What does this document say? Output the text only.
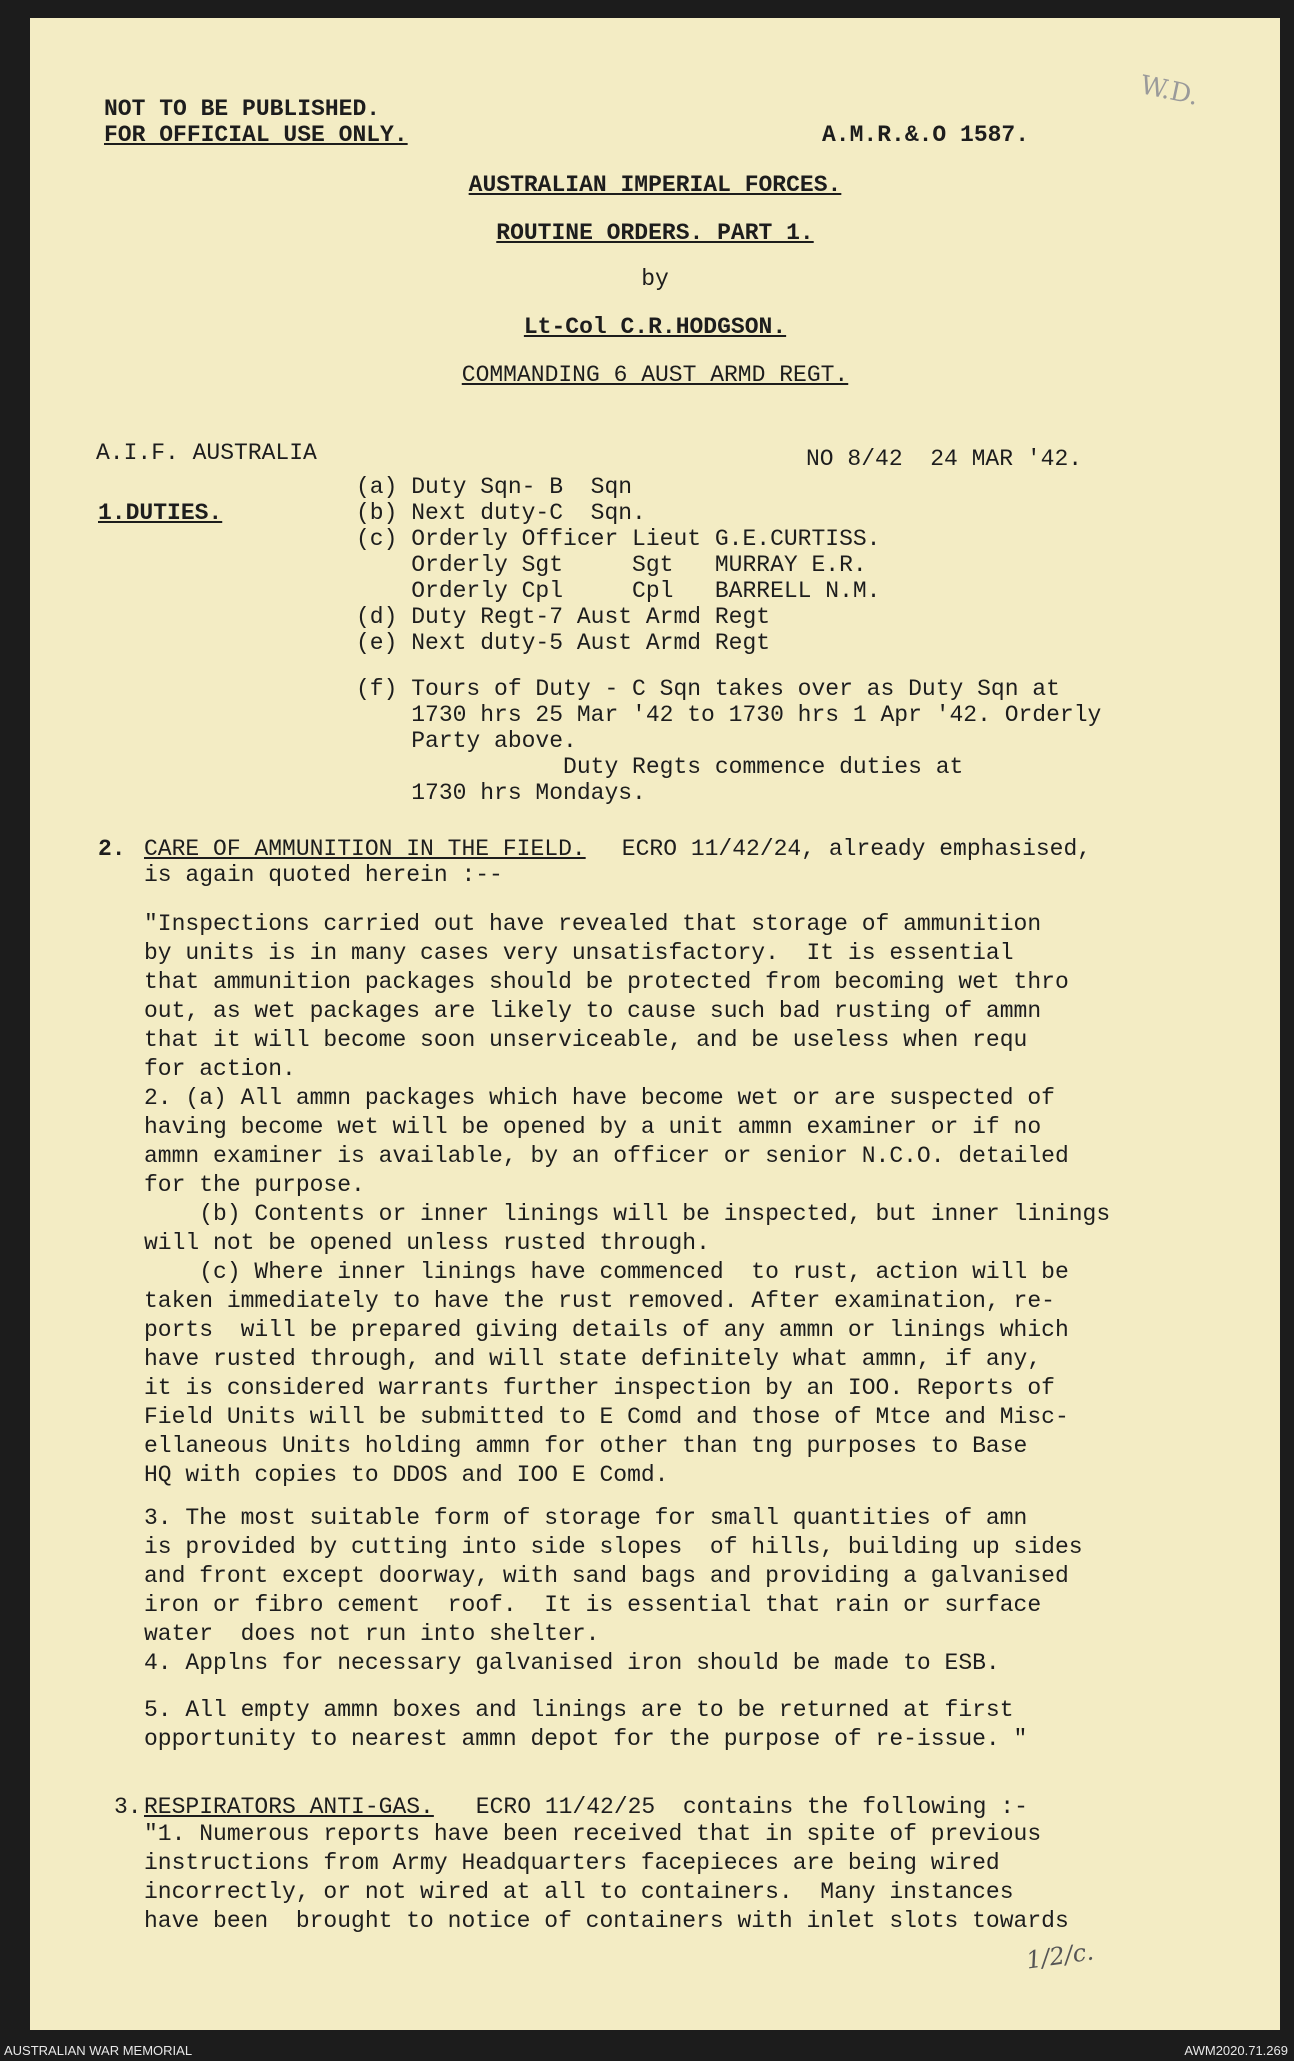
NOT TO BE PUBLISHED.
FOR OFFICIAL USE ONLY.	A.M.R.&.O 1587.
W.D.
AUSTRALIAN IMPERIAL FORCES.
ROUTINE ORDERS. PART 1.
by
Lt-Col C.R.HODGSON.
COMMANDING 6 AUST ARMD REGT.
A.I.F. AUSTRALIA	NO 8/42  24 MAR '42.
1.DUTIES.
(a) Duty Sqn- B  Sqn
(b) Next duty-C  Sqn.
(c) Orderly Officer Lieut G.E.CURTISS.
Orderly Sgt     Sgt   MURRAY E.R.
Orderly Cpl     Cpl   BARRELL N.M.
(d) Duty Regt-7 Aust Armd Regt
(e) Next duty-5 Aust Armd Regt
(f) Tours of Duty - C Sqn takes over as Duty Sqn at
1730 hrs 25 Mar '42 to 1730 hrs 1 Apr '42. Orderly
Party above.
Duty Regts commence duties at
1730 hrs Mondays.
2. CARE OF AMMUNITION IN THE FIELD. ECRO 11/42/24, already emphasised,
is again quoted herein :--
"Inspections carried out have revealed that storage of ammunition
by units is in many cases very unsatisfactory.  It is essential
that ammunition packages should be protected from becoming wet thro
out, as wet packages are likely to cause such bad rusting of ammn
that it will become soon unserviceable, and be useless when requ
for action.
2. (a) All ammn packages which have become wet or are suspected of
having become wet will be opened by a unit ammn examiner or if no
ammn examiner is available, by an officer or senior N.C.O. detailed
for the purpose.
(b) Contents or inner linings will be inspected, but inner linings
will not be opened unless rusted through.
(c) Where inner linings have commenced  to rust, action will be
taken immediately to have the rust removed. After examination, re-
ports  will be prepared giving details of any ammn or linings which
have rusted through, and will state definitely what ammn, if any,
it is considered warrants further inspection by an IOO. Reports of
Field Units will be submitted to E Comd and those of Mtce and Misc-
ellaneous Units holding ammn for other than tng purposes to Base
HQ with copies to DDOS and IOO E Comd.
3. The most suitable form of storage for small quantities of amn
is provided by cutting into side slopes  of hills, building up sides
and front except doorway, with sand bags and providing a galvanised
iron or fibro cement  roof.  It is essential that rain or surface
water  does not run into shelter.
4. Applns for necessary galvanised iron should be made to ESB.
5. All empty ammn boxes and linings are to be returned at first
opportunity to nearest ammn depot for the purpose of re-issue. "
3. RESPIRATORS ANTI-GAS. ECRO 11/42/25  contains the following :-
"1. Numerous reports have been received that in spite of previous
instructions from Army Headquarters facepieces are being wired
incorrectly, or not wired at all to containers.  Many instances
have been  brought to notice of containers with inlet slots towards
1/2/c.
AUSTRALIAN WAR MEMORIAL	AWM2020.71.269
